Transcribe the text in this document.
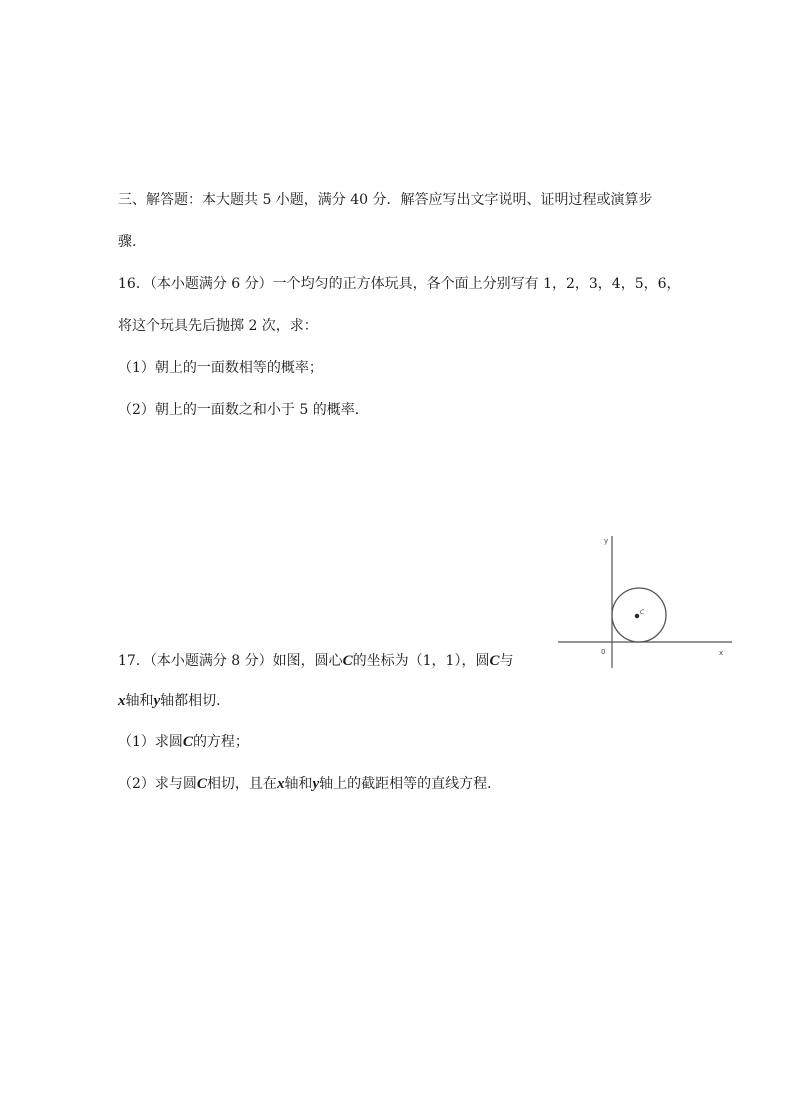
三、解答题：本大题共 5 小题，满分 40 分．解答应写出文字说明、证明过程或演算步
骤．
16．（本小题满分 6 分）一个均匀的正方体玩具，各个面上分别写有 1，2，3，4，5，6，
将这个玩具先后抛掷 2 次，求：
（1）朝上的一面数相等的概率；
（2）朝上的一面数之和小于 5 的概率．
17．（本小题满分 8 分）如图，圆心C的坐标为（1，1），圆C与
x轴和y轴都相切．
（1）求圆C的方程；
（2）求与圆C相切，且在x轴和y轴上的截距相等的直线方程．
C
y
x
0
